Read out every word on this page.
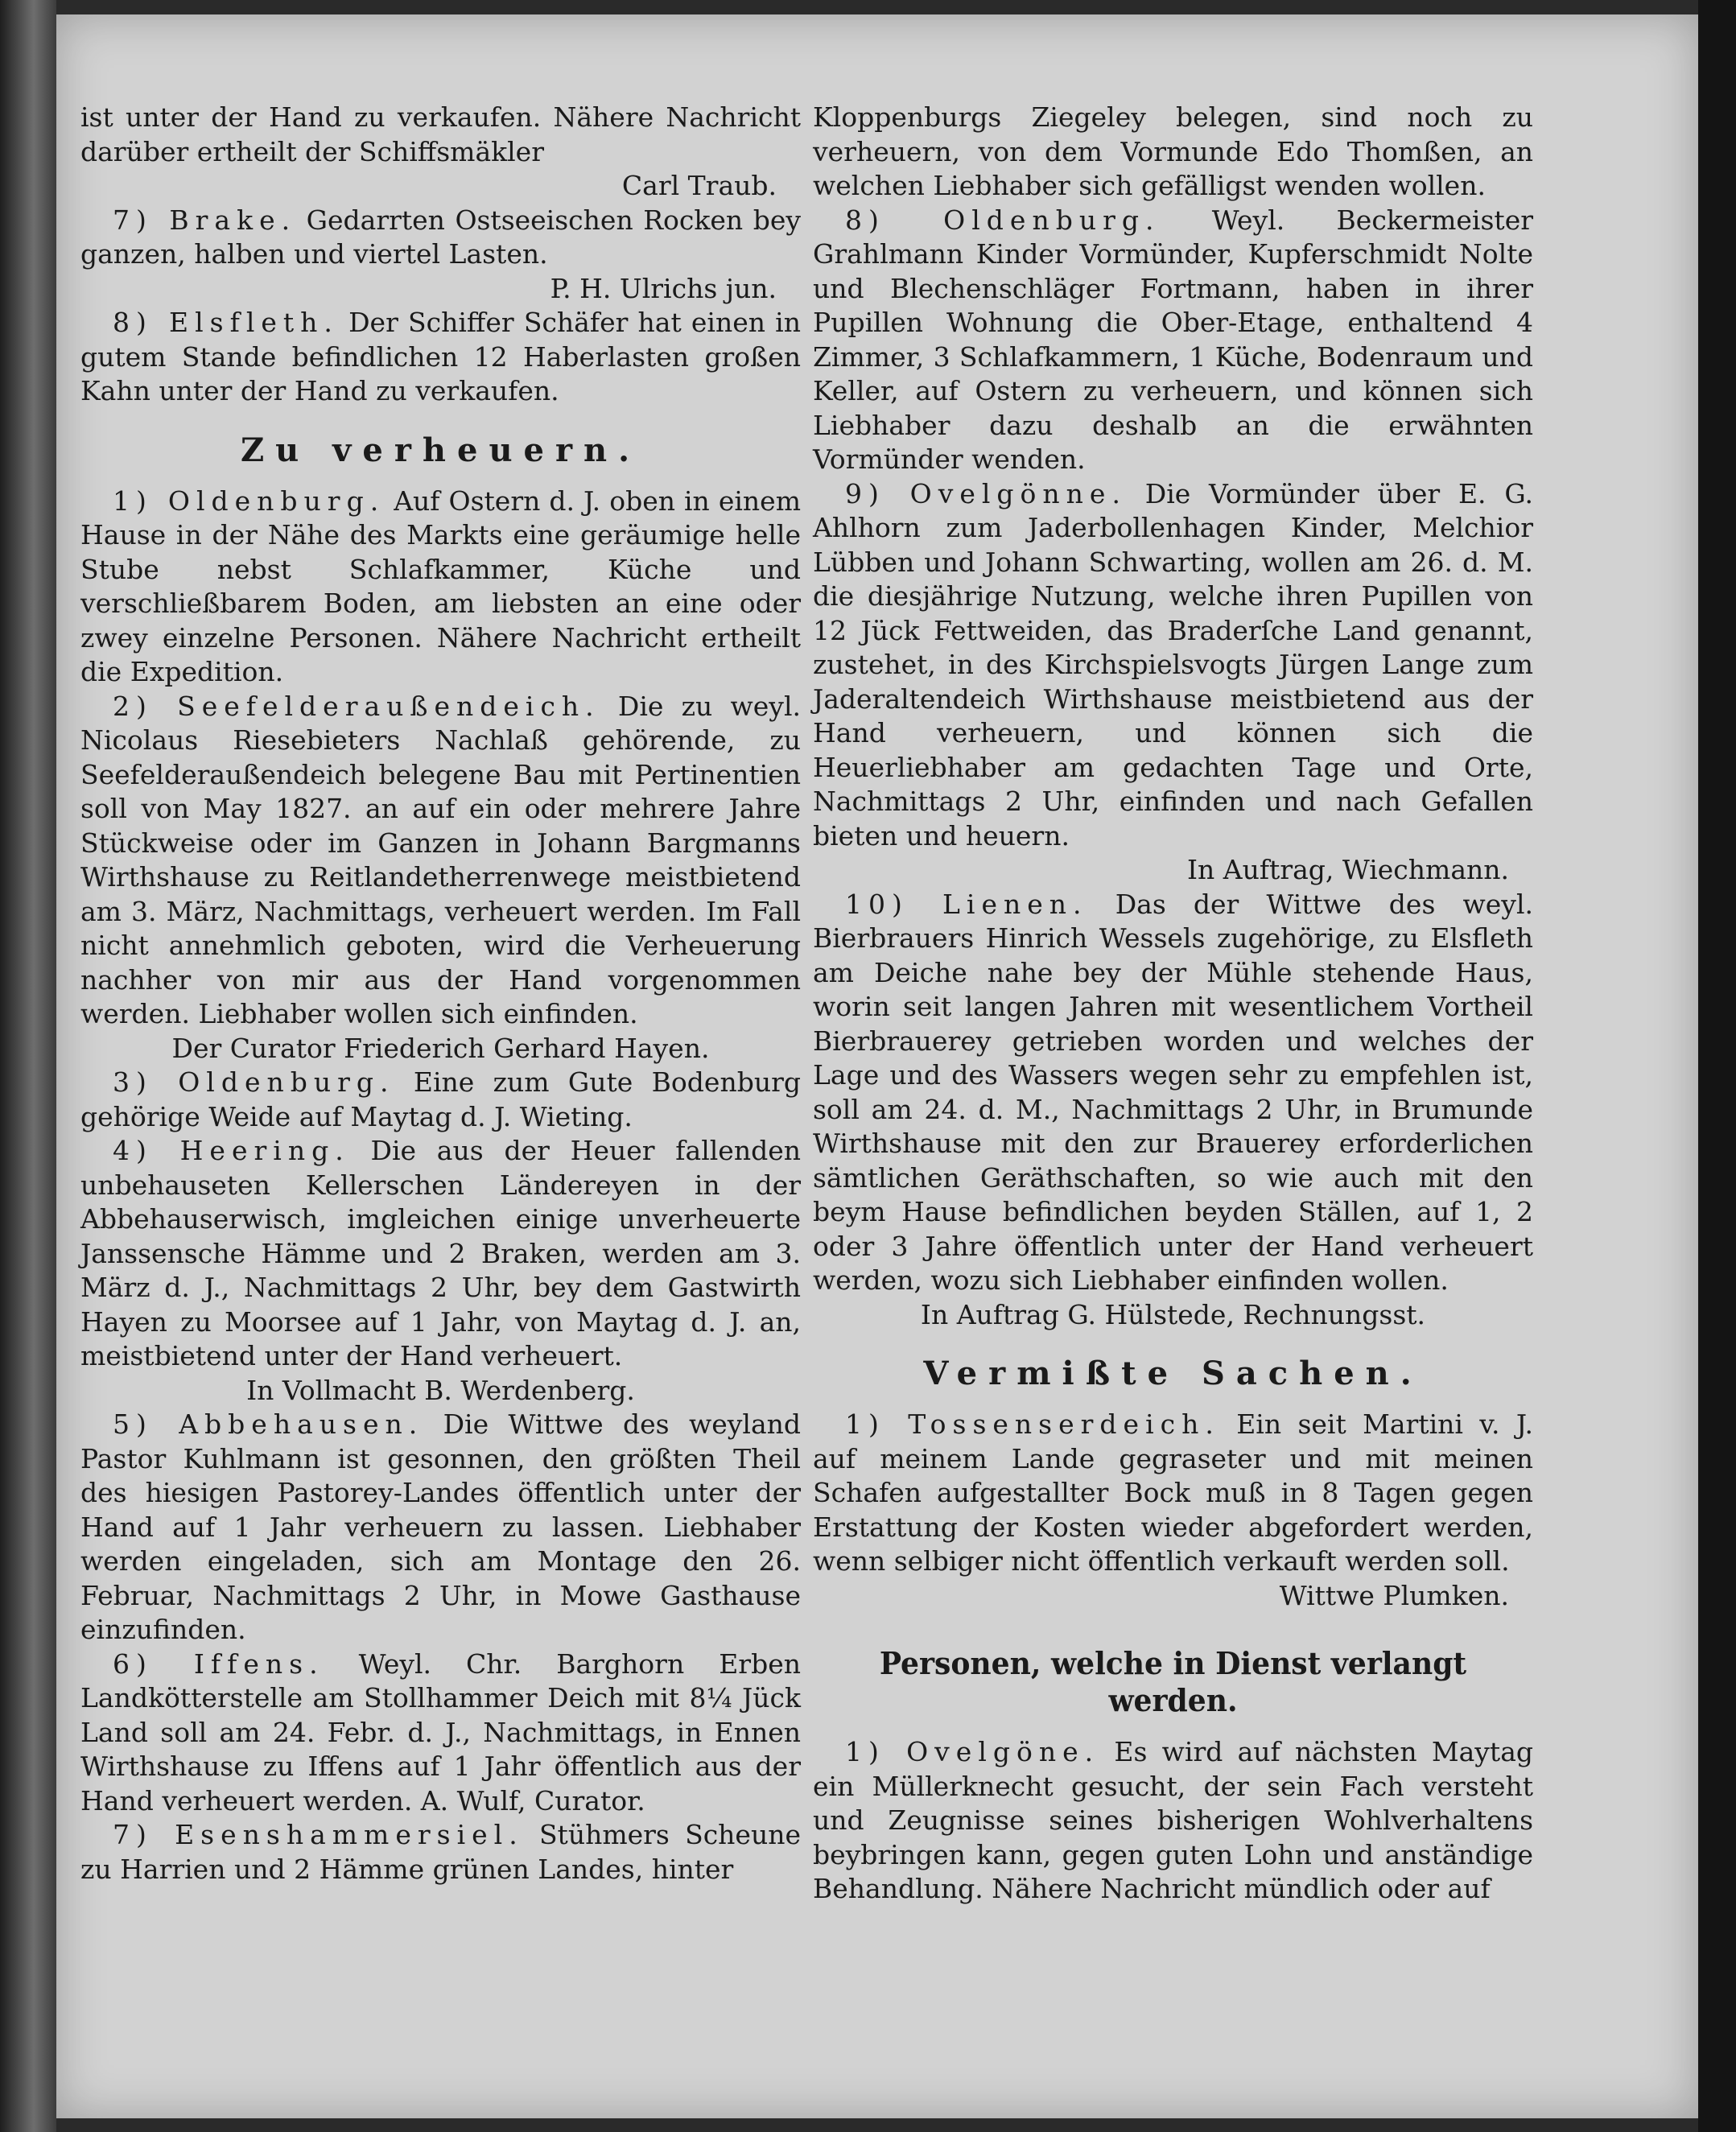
ist unter der Hand zu verkaufen. Nähere Nachricht darüber ertheilt der Schiffsmäkler

Carl Traub.

7) Brake. Gedarrten Ostseeischen Rocken bey ganzen, halben und viertel Lasten.

P. H. Ulrichs jun.

8) Elsfleth. Der Schiffer Schäfer hat einen in gutem Stande befindlichen 12 Haberlasten großen Kahn unter der Hand zu verkaufen.

Zu verheuern.

1) Oldenburg. Auf Ostern d. J. oben in einem Hause in der Nähe des Markts eine geräumige helle Stube nebst Schlafkammer, Küche und verschließbarem Boden, am liebsten an eine oder zwey einzelne Personen. Nähere Nachricht ertheilt die Expedition.

2) Seefelderaußendeich. Die zu weyl. Nicolaus Riesebieters Nachlaß gehörende, zu Seefelderaußendeich belegene Bau mit Pertinentien soll von May 1827. an auf ein oder mehrere Jahre Stückweise oder im Ganzen in Johann Bargmanns Wirthshause zu Reitlandetherrenwege meistbietend am 3. März, Nachmittags, verheuert werden. Im Fall nicht annehmlich geboten, wird die Verheuerung nachher von mir aus der Hand vorgenommen werden. Liebhaber wollen sich einfinden.

Der Curator Friederich Gerhard Hayen.

3) Oldenburg. Eine zum Gute Bodenburg gehörige Weide auf Maytag d. J. Wieting.

4) Heering. Die aus der Heuer fallenden unbehauseten Kellerschen Ländereyen in der Abbehauserwisch, imgleichen einige unverheuerte Janssensche Hämme und 2 Braken, werden am 3. März d. J., Nachmittags 2 Uhr, bey dem Gastwirth Hayen zu Moorsee auf 1 Jahr, von Maytag d. J. an, meistbietend unter der Hand verheuert.

In Vollmacht B. Werdenberg.

5) Abbehausen. Die Wittwe des weyland Pastor Kuhlmann ist gesonnen, den größten Theil des hiesigen Pastorey-Landes öffentlich unter der Hand auf 1 Jahr verheuern zu lassen. Liebhaber werden eingeladen, sich am Montage den 26. Februar, Nachmittags 2 Uhr, in Mowe Gasthause einzufinden.

6) Iffens. Weyl. Chr. Barghorn Erben Landkötterstelle am Stollhammer Deich mit 8¼ Jück Land soll am 24. Febr. d. J., Nachmittags, in Ennen Wirthshause zu Iffens auf 1 Jahr öffentlich aus der Hand verheuert werden. A. Wulf, Curator.

7) Esenshammersiel. Stühmers Scheune zu Harrien und 2 Hämme grünen Landes, hinter

Kloppenburgs Ziegeley belegen, sind noch zu verheuern, von dem Vormunde Edo Thomßen, an welchen Liebhaber sich gefälligst wenden wollen.

8) Oldenburg. Weyl. Beckermeister Grahlmann Kinder Vormünder, Kupferschmidt Nolte und Blechenschläger Fortmann, haben in ihrer Pupillen Wohnung die Ober-Etage, enthaltend 4 Zimmer, 3 Schlafkammern, 1 Küche, Bodenraum und Keller, auf Ostern zu verheuern, und können sich Liebhaber dazu deshalb an die erwähnten Vormünder wenden.

9) Ovelgönne. Die Vormünder über E. G. Ahlhorn zum Jaderbollenhagen Kinder, Melchior Lübben und Johann Schwarting, wollen am 26. d. M. die diesjährige Nutzung, welche ihren Pupillen von 12 Jück Fettweiden, das Braderſche Land genannt, zustehet, in des Kirchspielsvogts Jürgen Lange zum Jaderaltendeich Wirthshause meistbietend aus der Hand verheuern, und können sich die Heuerliebhaber am gedachten Tage und Orte, Nachmittags 2 Uhr, einfinden und nach Gefallen bieten und heuern.

In Auftrag, Wiechmann.

10) Lienen. Das der Wittwe des weyl. Bierbrauers Hinrich Wessels zugehörige, zu Elsfleth am Deiche nahe bey der Mühle stehende Haus, worin seit langen Jahren mit wesentlichem Vortheil Bierbrauerey getrieben worden und welches der Lage und des Wassers wegen sehr zu empfehlen ist, soll am 24. d. M., Nachmittags 2 Uhr, in Brumunde Wirthshause mit den zur Brauerey erforderlichen sämtlichen Geräthschaften, so wie auch mit den beym Hause befindlichen beyden Ställen, auf 1, 2 oder 3 Jahre öffentlich unter der Hand verheuert werden, wozu sich Liebhaber einfinden wollen.

In Auftrag G. Hülstede, Rechnungsst.

Vermißte Sachen.

1) Tossenserdeich. Ein seit Martini v. J. auf meinem Lande gegraseter und mit meinen Schafen aufgestallter Bock muß in 8 Tagen gegen Erstattung der Kosten wieder abgefordert werden, wenn selbiger nicht öffentlich verkauft werden soll.

Wittwe Plumken.

Personen, welche in Dienst verlangt werden.

1) Ovelgöne. Es wird auf nächsten Maytag ein Müllerknecht gesucht, der sein Fach versteht und Zeugnisse seines bisherigen Wohlverhaltens beybringen kann, gegen guten Lohn und anständige Behandlung. Nähere Nachricht mündlich oder auf
